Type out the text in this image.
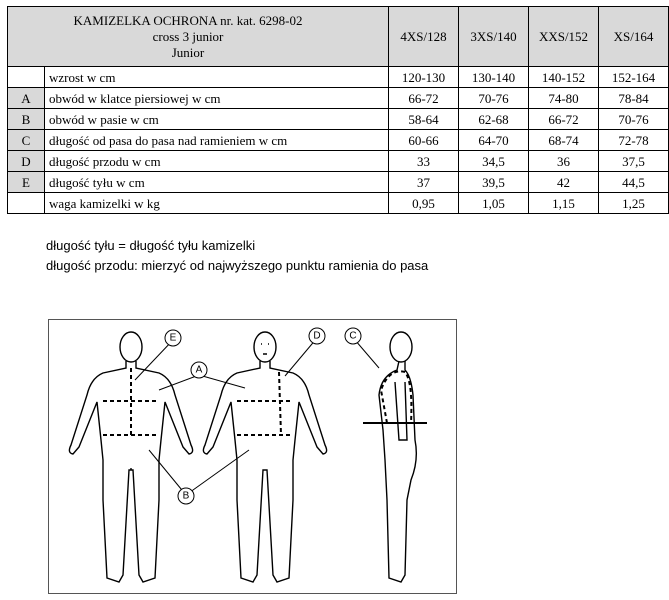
KAMIZELKA OCHRONA nr. kat. 6298-02
cross 3 junior
Junior		4XS/128	3XS/140	XXS/152	XS/164
	wzrost w cm	120-130	130-140	140-152	152-164
A	obwód w klatce piersiowej w cm	66-72	70-76	74-80	78-84
B	obwód w pasie w cm	58-64	62-68	66-72	70-76
C	długość od pasa do pasa nad ramieniem w cm	60-66	64-70	68-74	72-78
D	długość przodu w cm	33	34,5	36	37,5
E	długość tyłu w cm	37	39,5	42	44,5
	waga kamizelki w kg	0,95	1,05	1,15	1,25

długość tyłu = długość tyłu kamizelki

długość przodu: mierzyć od najwyższego punktu ramienia do pasa

E
A
B
D	C
